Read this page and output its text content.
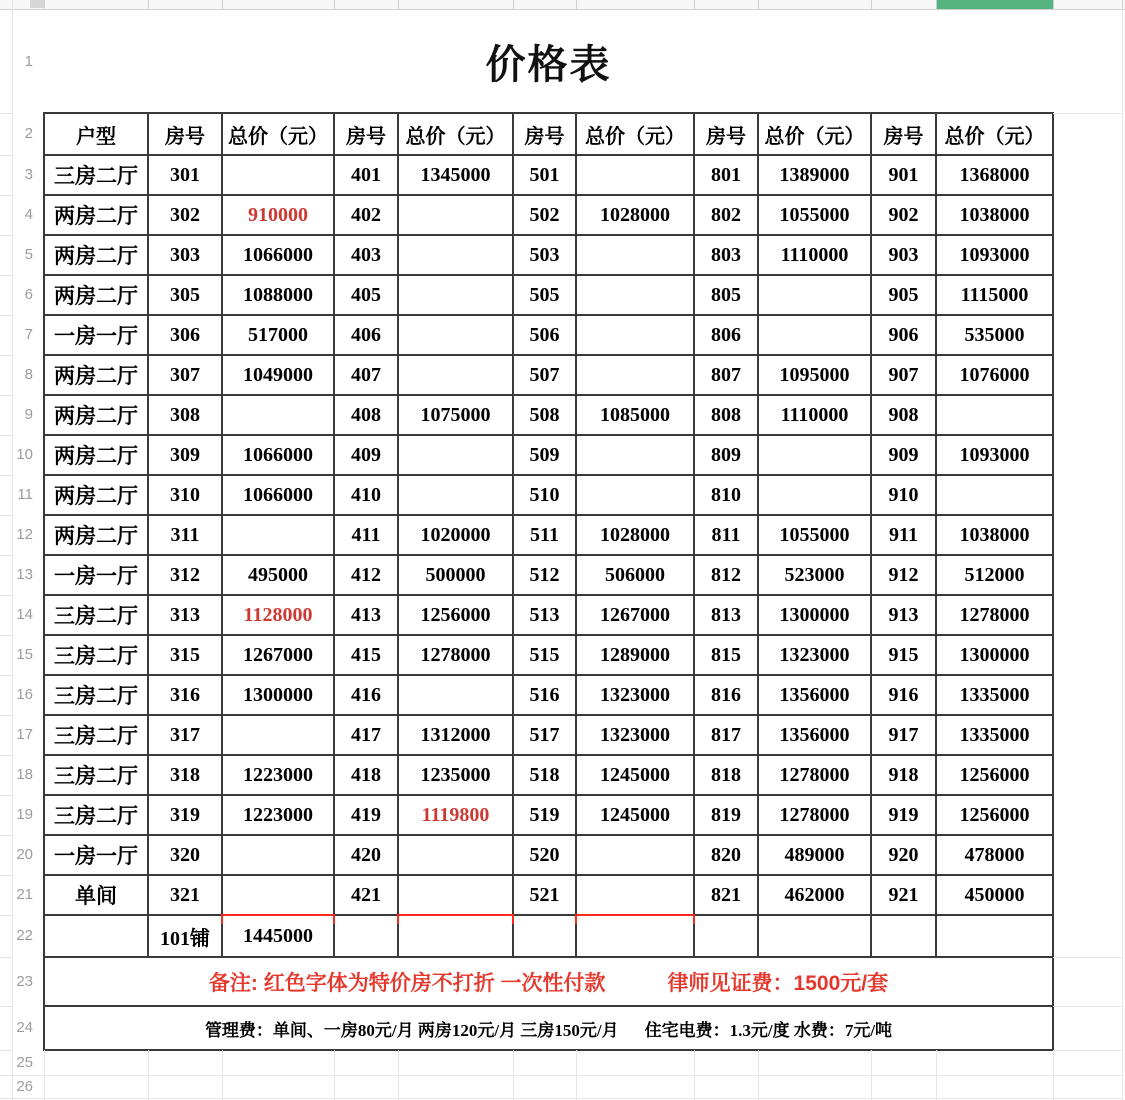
1
2
3
4
5
6
7
8
9
10
11
12
13
14
15
16
17
18
19
20
21
22
23
24
25
26
价格表
户型	房号	总价（元）	房号	总价（元）	房号	总价（元）	房号	总价（元）	房号	总价（元）
三房二厅	301		401	1345000	501		801	1389000	901	1368000
两房二厅	302	910000	402		502	1028000	802	1055000	902	1038000
两房二厅	303	1066000	403		503		803	1110000	903	1093000
两房二厅	305	1088000	405		505		805		905	1115000
一房一厅	306	517000	406		506		806		906	535000
两房二厅	307	1049000	407		507		807	1095000	907	1076000
两房二厅	308		408	1075000	508	1085000	808	1110000	908	
两房二厅	309	1066000	409		509		809		909	1093000
两房二厅	310	1066000	410		510		810		910	
两房二厅	311		411	1020000	511	1028000	811	1055000	911	1038000
一房一厅	312	495000	412	500000	512	506000	812	523000	912	512000
三房二厅	313	1128000	413	1256000	513	1267000	813	1300000	913	1278000
三房二厅	315	1267000	415	1278000	515	1289000	815	1323000	915	1300000
三房二厅	316	1300000	416		516	1323000	816	1356000	916	1335000
三房二厅	317		417	1312000	517	1323000	817	1356000	917	1335000
三房二厅	318	1223000	418	1235000	518	1245000	818	1278000	918	1256000
三房二厅	319	1223000	419	1119800	519	1245000	819	1278000	919	1256000
一房一厅	320		420		520		820	489000	920	478000
单间	321		421		521		821	462000	921	450000
	101铺	1445000								
备注: 红色字体为特价房不打折 一次性付款 律师见证费：1500元/套										
管理费：单间、一房80元/月 两房120元/月 三房150元/月 住宅电费：1.3元/度 水费：7元/吨										
